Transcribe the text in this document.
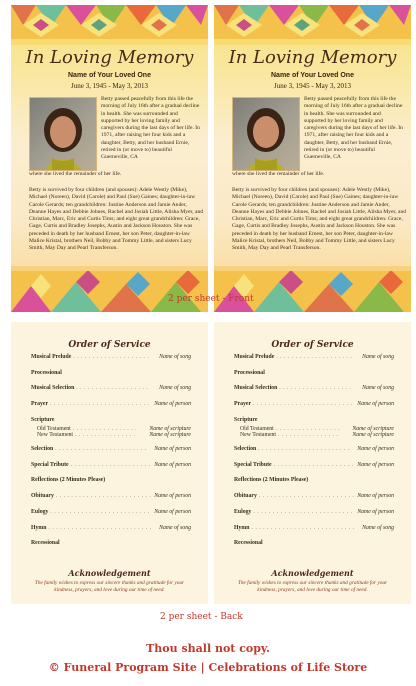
In Loving Memory
Name of Your Loved One
June 3, 1945 - May 3, 2013

Betty passed peacefully from this life the morning of July 16th after a gradual decline in health. She was surrounded and supported by her loving family and caregivers during the last days of her life. In 1971, after raising her four kids and a daughter, Betty, and her husband Ernie, retired in (or move to) beautiful Guerneville, CA

where she lived the remainder of her life.

Betty is survived by four children (and spouses): Adele Westly (Mike), Michael (Noreen), David (Carole) and Paul (Sue) Gaines; daughter-in-law Carole Gerards; ten grandchildren: Justine Anderson and Jamie Ander, Deanne Hayes and Debbie Johnes, Rachel and Josiah Little, Alisha Myer, and Christian, Marc, Eric and Curtis Tims; and eight great grandchildren: Grace, Gage, Curtis and Bradley Josephs, Austin and Jackson Houston. She was preceded in death by her husband Ernest, her son Peter, daughter-in-law Malice Kristal, brothers Neil, Bobby and Tommy Little, and sisters Lucy Smith, May Day and Pearl Transferson.

In Loving Memory
Name of Your Loved One
June 3, 1945 - May 3, 2013

Betty passed peacefully from this life the morning of July 16th after a gradual decline in health. She was surrounded and supported by her loving family and caregivers during the last days of her life. In 1971, after raising her four kids and a daughter, Betty, and her husband Ernie, retired in (or move to) beautiful Guerneville, CA

where she lived the remainder of her life.

Betty is survived by four children (and spouses): Adele Westly (Mike), Michael (Noreen), David (Carole) and Paul (Sue) Gaines; daughter-in-law Carole Gerards; ten grandchildren: Justine Anderson and Jamie Ander, Deanne Hayes and Debbie Johnes, Rachel and Josiah Little, Alisha Myer, and Christian, Marc, Eric and Curtis Tims; and eight great grandchildren: Grace, Gage, Curtis and Bradley Josephs, Austin and Jackson Houston. She was preceded in death by her husband Ernest, her son Peter, daughter-in-law Malice Kristal, brothers Neil, Bobby and Tommy Little, and sisters Lucy Smith, May Day and Pearl Transferson.

2 per sheet - Front
Order of Service
Musical Prelude . . . . . . . . . . . . . . . . . . . . Name of song
Processional
Musical Selection . . . . . . . . . . . . . . . . . . . Name of song
Prayer . . . . . . . . . . . . . . . . . . . . . . . . . . Name of person
Scripture
Old Testament . . . . . . . . . . . . . . . . . Name of scripture
New Testament . . . . . . . . . . . . . . . . Name of scripture
Selection . . . . . . . . . . . . . . . . . . . . . . . . Name of person
Special Tribute . . . . . . . . . . . . . . . . . . . . . Name of person
Reflections (2 Minutes Please)
Obituary . . . . . . . . . . . . . . . . . . . . . . . . . Name of person
Eulogy . . . . . . . . . . . . . . . . . . . . . . . . . . Name of person
Hymn . . . . . . . . . . . . . . . . . . . . . . . . . . . Name of song
Recessional
Acknowledgement
The family wishes to express our sincere thanks and gratitude for your kindness, prayers, and love during our time of need.
Order of Service
Musical Prelude . . . . . . . . . . . . . . . . . . . . Name of song
Processional
Musical Selection . . . . . . . . . . . . . . . . . . . Name of song
Prayer . . . . . . . . . . . . . . . . . . . . . . . . . . Name of person
Scripture
Old Testament . . . . . . . . . . . . . . . . . Name of scripture
New Testament . . . . . . . . . . . . . . . . Name of scripture
Selection . . . . . . . . . . . . . . . . . . . . . . . . Name of person
Special Tribute . . . . . . . . . . . . . . . . . . . . . Name of person
Reflections (2 Minutes Please)
Obituary . . . . . . . . . . . . . . . . . . . . . . . . . Name of person
Eulogy . . . . . . . . . . . . . . . . . . . . . . . . . . Name of person
Hymn . . . . . . . . . . . . . . . . . . . . . . . . . . . Name of song
Recessional
Acknowledgement
The family wishes to express our sincere thanks and gratitude for your kindness, prayers, and love during our time of need.
2 per sheet - Back
Thou shall not copy.
© Funeral Program Site | Celebrations of Life Store
